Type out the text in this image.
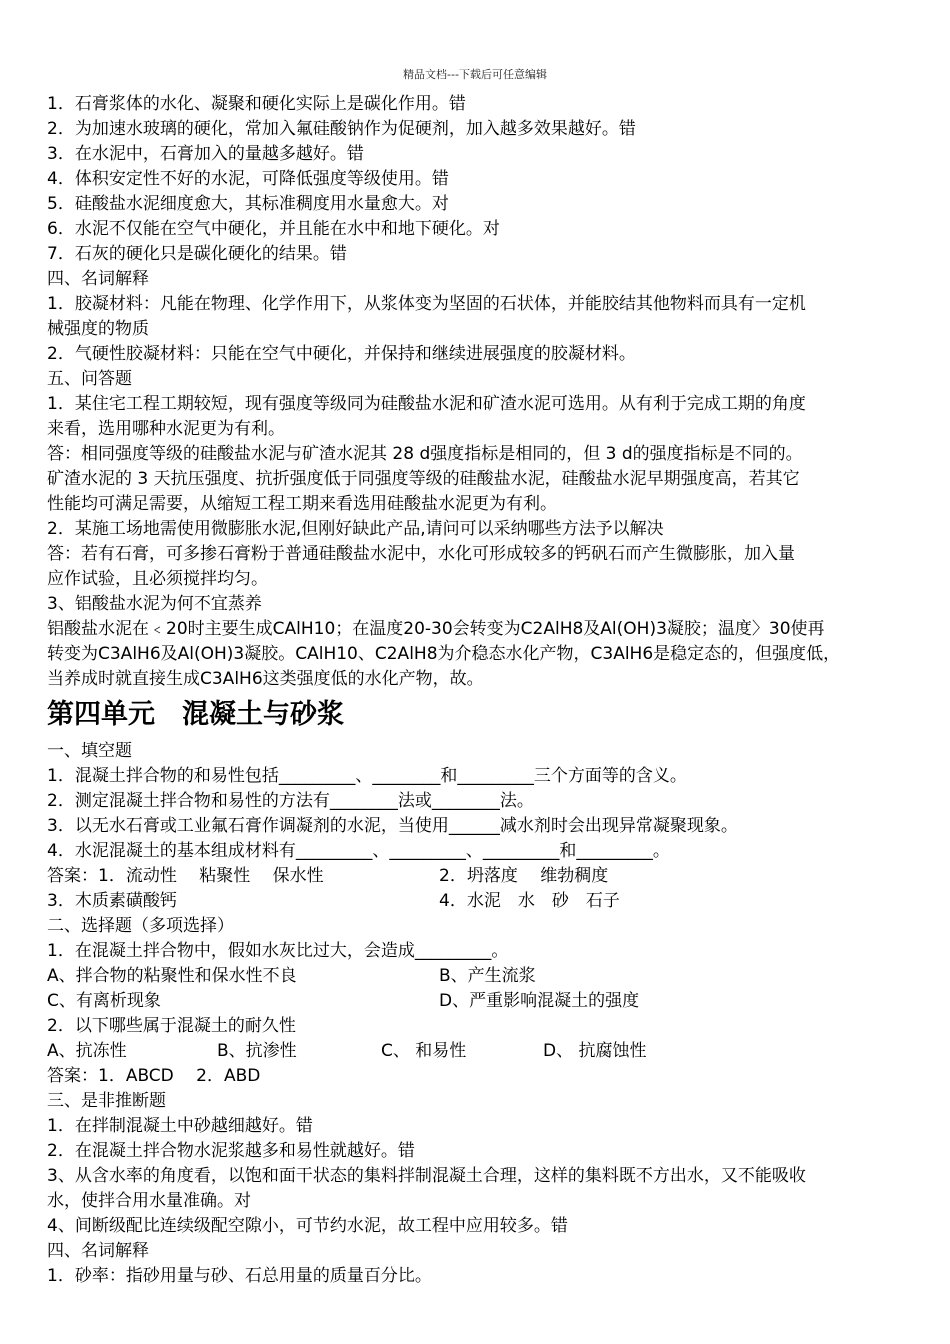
精品文档---下载后可任意编辑
1．石膏浆体的水化、凝聚和硬化实际上是碳化作用。错
2．为加速水玻璃的硬化，常加入氟硅酸钠作为促硬剂，加入越多效果越好。错
3．在水泥中，石膏加入的量越多越好。错
4．体积安定性不好的水泥，可降低强度等级使用。错
5．硅酸盐水泥细度愈大，其标准稠度用水量愈大。对
6．水泥不仅能在空气中硬化，并且能在水中和地下硬化。对
7．石灰的硬化只是碳化硬化的结果。错
四、名词解释
1．胶凝材料：凡能在物理、化学作用下，从浆体变为坚固的石状体，并能胶结其他物料而具有一定机
械强度的物质
2．气硬性胶凝材料：只能在空气中硬化，并保持和继续进展强度的胶凝材料。
五、问答题
1．某住宅工程工期较短，现有强度等级同为硅酸盐水泥和矿渣水泥可选用。从有利于完成工期的角度
来看，选用哪种水泥更为有利。
答：相同强度等级的硅酸盐水泥与矿渣水泥其 28 d强度指标是相同的，但 3 d的强度指标是不同的。
矿渣水泥的 3 天抗压强度、抗折强度低于同强度等级的硅酸盐水泥，硅酸盐水泥早期强度高，若其它
性能均可满足需要，从缩短工程工期来看选用硅酸盐水泥更为有利。
2．某施工场地需使用微膨胀水泥,但刚好缺此产品,请问可以采纳哪些方法予以解决
答：若有石膏，可多掺石膏粉于普通硅酸盐水泥中，水化可形成较多的钙矾石而产生微膨胀，加入量
应作试验，且必须搅拌均匀。
3、铝酸盐水泥为何不宜蒸养
铝酸盐水泥在﹤20时主要生成CAlH10；在温度20-30会转变为C2AlH8及Al(OH)3凝胶；温度〉30使再
转变为C3AlH6及Al(OH)3凝胶。CAlH10、C2AlH8为介稳态水化产物，C3AlH6是稳定态的，但强度低，
当养成时就直接生成C3AlH6这类强度低的水化产物，故。
第四单元　混凝土与砂浆
一、填空题
1．混凝土拌合物的和易性包括_________、________和_________三个方面等的含义。
2．测定混凝土拌合物和易性的方法有________法或________法。
3．以无水石膏或工业氟石膏作调凝剂的水泥，当使用______减水剂时会出现异常凝聚现象。
4．水泥混凝土的基本组成材料有_________、_________、_________和_________。
答案：1．流动性　 粘聚性　 保水性	2．坍落度　 维勃稠度
3．木质素磺酸钙	4．水泥　水　砂　石子
二、选择题（多项选择）
1．在混凝土拌合物中，假如水灰比过大，会造成_________。
A、拌合物的粘聚性和保水性不良	B、产生流浆
C、有离析现象	D、严重影响混凝土的强度
2．以下哪些属于混凝土的耐久性
A、抗冻性	B、抗渗性	C、 和易性	D、 抗腐蚀性
答案：1．ABCD　 2．ABD
三、是非推断题
1．在拌制混凝土中砂越细越好。错
2．在混凝土拌合物水泥浆越多和易性就越好。错
3、从含水率的角度看，以饱和面干状态的集料拌制混凝土合理，这样的集料既不方出水，又不能吸收
水，使拌合用水量准确。对
4、间断级配比连续级配空隙小，可节约水泥，故工程中应用较多。错
四、名词解释
1．砂率：指砂用量与砂、石总用量的质量百分比。
